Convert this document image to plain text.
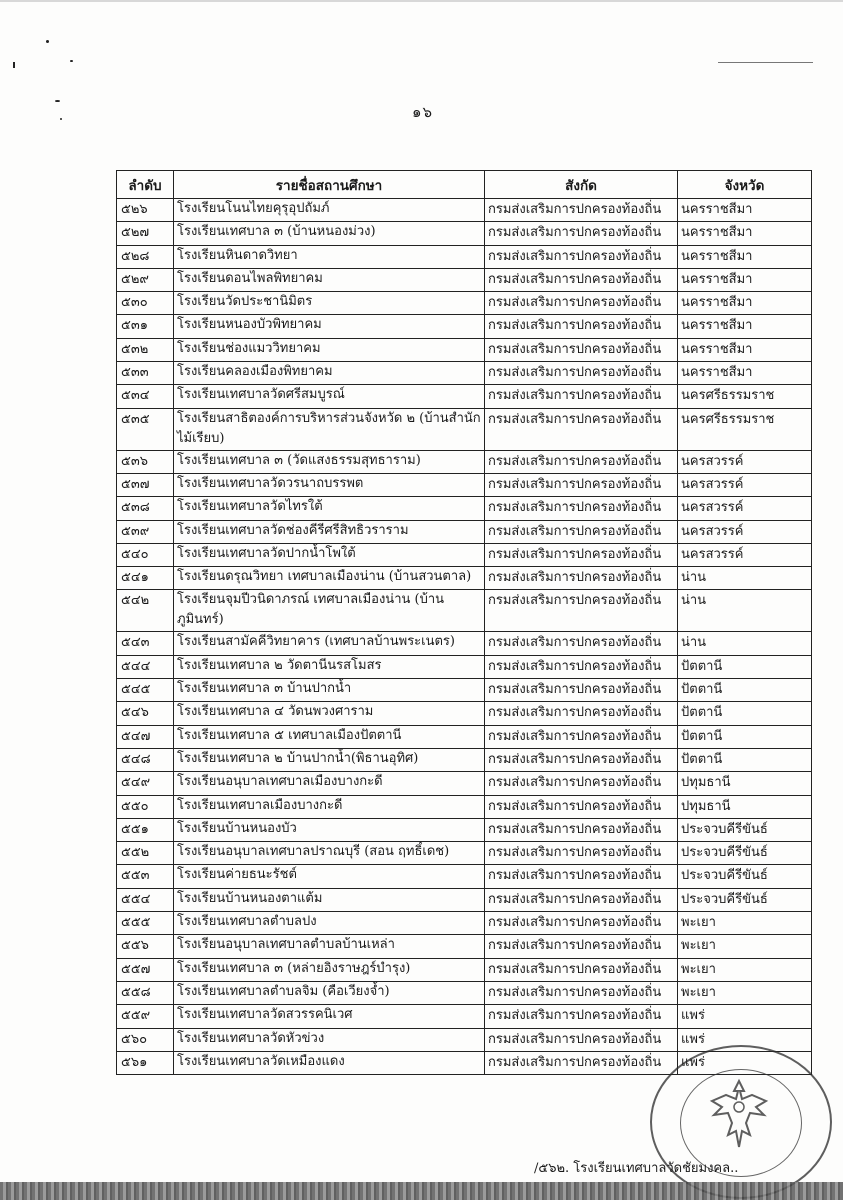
๑๖
ลำดับ	รายชื่อสถานศึกษา	สังกัด	จังหวัด
๕๒๖	โรงเรียนโนนไทยคุรุอุปถัมภ์	กรมส่งเสริมการปกครองท้องถิ่น	นครราชสีมา
๕๒๗	โรงเรียนเทศบาล ๓ (บ้านหนองม่วง)	กรมส่งเสริมการปกครองท้องถิ่น	นครราชสีมา
๕๒๘	โรงเรียนหินดาดวิทยา	กรมส่งเสริมการปกครองท้องถิ่น	นครราชสีมา
๕๒๙	โรงเรียนดอนไพลพิทยาคม	กรมส่งเสริมการปกครองท้องถิ่น	นครราชสีมา
๕๓๐	โรงเรียนวัดประชานิมิตร	กรมส่งเสริมการปกครองท้องถิ่น	นครราชสีมา
๕๓๑	โรงเรียนหนองบัวพิทยาคม	กรมส่งเสริมการปกครองท้องถิ่น	นครราชสีมา
๕๓๒	โรงเรียนช่องแมววิทยาคม	กรมส่งเสริมการปกครองท้องถิ่น	นครราชสีมา
๕๓๓	โรงเรียนคลองเมืองพิทยาคม	กรมส่งเสริมการปกครองท้องถิ่น	นครราชสีมา
๕๓๔	โรงเรียนเทศบาลวัดศรีสมบูรณ์	กรมส่งเสริมการปกครองท้องถิ่น	นครศรีธรรมราช
๕๓๕	โรงเรียนสาธิตองค์การบริหารส่วนจังหวัด ๒ (บ้านสำนักไม้เรียบ)	กรมส่งเสริมการปกครองท้องถิ่น	นครศรีธรรมราช
๕๓๖	โรงเรียนเทศบาล ๓ (วัดแสงธรรมสุทธาราม)	กรมส่งเสริมการปกครองท้องถิ่น	นครสวรรค์
๕๓๗	โรงเรียนเทศบาลวัดวรนาถบรรพต	กรมส่งเสริมการปกครองท้องถิ่น	นครสวรรค์
๕๓๘	โรงเรียนเทศบาลวัดไทรใต้	กรมส่งเสริมการปกครองท้องถิ่น	นครสวรรค์
๕๓๙	โรงเรียนเทศบาลวัดช่องคีรีศรีสิทธิวราราม	กรมส่งเสริมการปกครองท้องถิ่น	นครสวรรค์
๕๔๐	โรงเรียนเทศบาลวัดปากน้ำโพใต้	กรมส่งเสริมการปกครองท้องถิ่น	นครสวรรค์
๕๔๑	โรงเรียนดรุณวิทยา เทศบาลเมืองน่าน (บ้านสวนตาล)	กรมส่งเสริมการปกครองท้องถิ่น	น่าน
๕๔๒	โรงเรียนจุมปีวนิดาภรณ์ เทศบาลเมืองน่าน (บ้านภูมินทร์)	กรมส่งเสริมการปกครองท้องถิ่น	น่าน
๕๔๓	โรงเรียนสามัคคีวิทยาคาร (เทศบาลบ้านพระเนตร)	กรมส่งเสริมการปกครองท้องถิ่น	น่าน
๕๔๔	โรงเรียนเทศบาล ๒ วัดตานีนรสโมสร	กรมส่งเสริมการปกครองท้องถิ่น	ปัตตานี
๕๔๕	โรงเรียนเทศบาล ๓ บ้านปากน้ำ	กรมส่งเสริมการปกครองท้องถิ่น	ปัตตานี
๕๔๖	โรงเรียนเทศบาล ๔ วัดนพวงศาราม	กรมส่งเสริมการปกครองท้องถิ่น	ปัตตานี
๕๔๗	โรงเรียนเทศบาล ๕ เทศบาลเมืองปัตตานี	กรมส่งเสริมการปกครองท้องถิ่น	ปัตตานี
๕๔๘	โรงเรียนเทศบาล ๒ บ้านปากน้ำ(พิธานอุทิศ)	กรมส่งเสริมการปกครองท้องถิ่น	ปัตตานี
๕๔๙	โรงเรียนอนุบาลเทศบาลเมืองบางกะดี	กรมส่งเสริมการปกครองท้องถิ่น	ปทุมธานี
๕๕๐	โรงเรียนเทศบาลเมืองบางกะดี	กรมส่งเสริมการปกครองท้องถิ่น	ปทุมธานี
๕๕๑	โรงเรียนบ้านหนองบัว	กรมส่งเสริมการปกครองท้องถิ่น	ประจวบคีรีขันธ์
๕๕๒	โรงเรียนอนุบาลเทศบาลปราณบุรี (สอน ฤทธิ์เดช)	กรมส่งเสริมการปกครองท้องถิ่น	ประจวบคีรีขันธ์
๕๕๓	โรงเรียนค่ายธนะรัชต์	กรมส่งเสริมการปกครองท้องถิ่น	ประจวบคีรีขันธ์
๕๕๔	โรงเรียนบ้านหนองตาแต้ม	กรมส่งเสริมการปกครองท้องถิ่น	ประจวบคีรีขันธ์
๕๕๕	โรงเรียนเทศบาลตำบลปง	กรมส่งเสริมการปกครองท้องถิ่น	พะเยา
๕๕๖	โรงเรียนอนุบาลเทศบาลตำบลบ้านเหล่า	กรมส่งเสริมการปกครองท้องถิ่น	พะเยา
๕๕๗	โรงเรียนเทศบาล ๓ (หล่ายอิงราษฎร์บำรุง)	กรมส่งเสริมการปกครองท้องถิ่น	พะเยา
๕๕๘	โรงเรียนเทศบาลตำบลจิม (คือเวียงจ้ำ)	กรมส่งเสริมการปกครองท้องถิ่น	พะเยา
๕๕๙	โรงเรียนเทศบาลวัดสวรรคนิเวศ	กรมส่งเสริมการปกครองท้องถิ่น	แพร่
๕๖๐	โรงเรียนเทศบาลวัดหัวข่วง	กรมส่งเสริมการปกครองท้องถิ่น	แพร่
๕๖๑	โรงเรียนเทศบาลวัดเหมืองแดง	กรมส่งเสริมการปกครองท้องถิ่น	แพร่
/๕๖๒. โรงเรียนเทศบาลวัดชัยมงคล..
